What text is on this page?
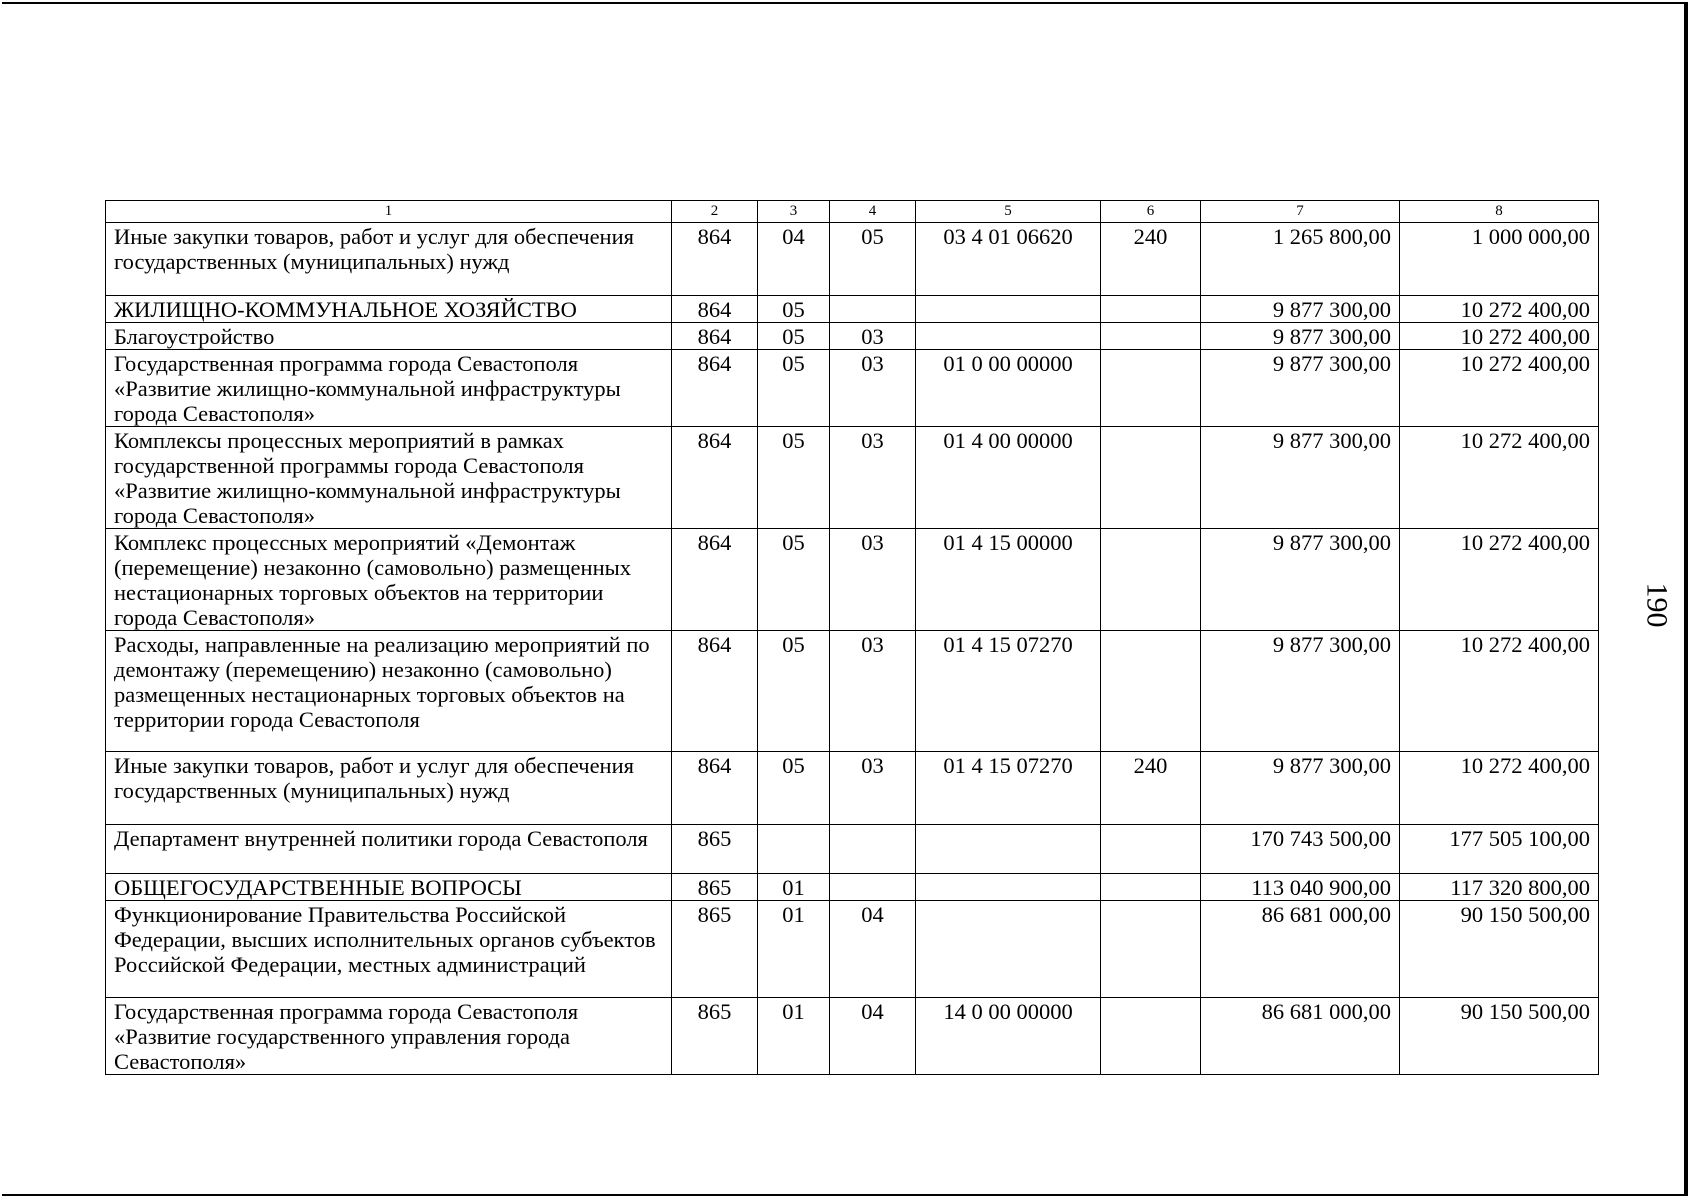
1	2	3	4	5	6	7	8
Иные закупки товаров, работ и услуг для обеспечения государственных (муниципальных) нужд	864	04	05	03 4 01 06620	240	1 265 800,00	1 000 000,00
ЖИЛИЩНО-КОММУНАЛЬНОЕ ХОЗЯЙСТВО	864	05				9 877 300,00	10 272 400,00
Благоустройство	864	05	03			9 877 300,00	10 272 400,00
Государственная программа города Севастополя «Развитие жилищно-коммунальной инфраструктуры города Севастополя»	864	05	03	01 0 00 00000		9 877 300,00	10 272 400,00
Комплексы процессных мероприятий в рамках государственной программы города Севастополя «Развитие жилищно-коммунальной инфраструктуры города Севастополя»	864	05	03	01 4 00 00000		9 877 300,00	10 272 400,00
Комплекс процессных мероприятий «Демонтаж (перемещение) незаконно (самовольно) размещенных нестационарных торговых объектов на территории города Севастополя»	864	05	03	01 4 15 00000		9 877 300,00	10 272 400,00
Расходы, направленные на реализацию мероприятий по демонтажу (перемещению) незаконно (самовольно) размещенных нестационарных торговых объектов на территории города Севастополя	864	05	03	01 4 15 07270		9 877 300,00	10 272 400,00
Иные закупки товаров, работ и услуг для обеспечения государственных (муниципальных) нужд	864	05	03	01 4 15 07270	240	9 877 300,00	10 272 400,00
Департамент внутренней политики города Севастополя	865					170 743 500,00	177 505 100,00
ОБЩЕГОСУДАРСТВЕННЫЕ ВОПРОСЫ	865	01				113 040 900,00	117 320 800,00
Функционирование Правительства Российской Федерации, высших исполнительных органов субъектов Российской Федерации, местных администраций	865	01	04			86 681 000,00	90 150 500,00
Государственная программа города Севастополя «Развитие государственного управления города Севастополя»	865	01	04	14 0 00 00000		86 681 000,00	90 150 500,00
190
